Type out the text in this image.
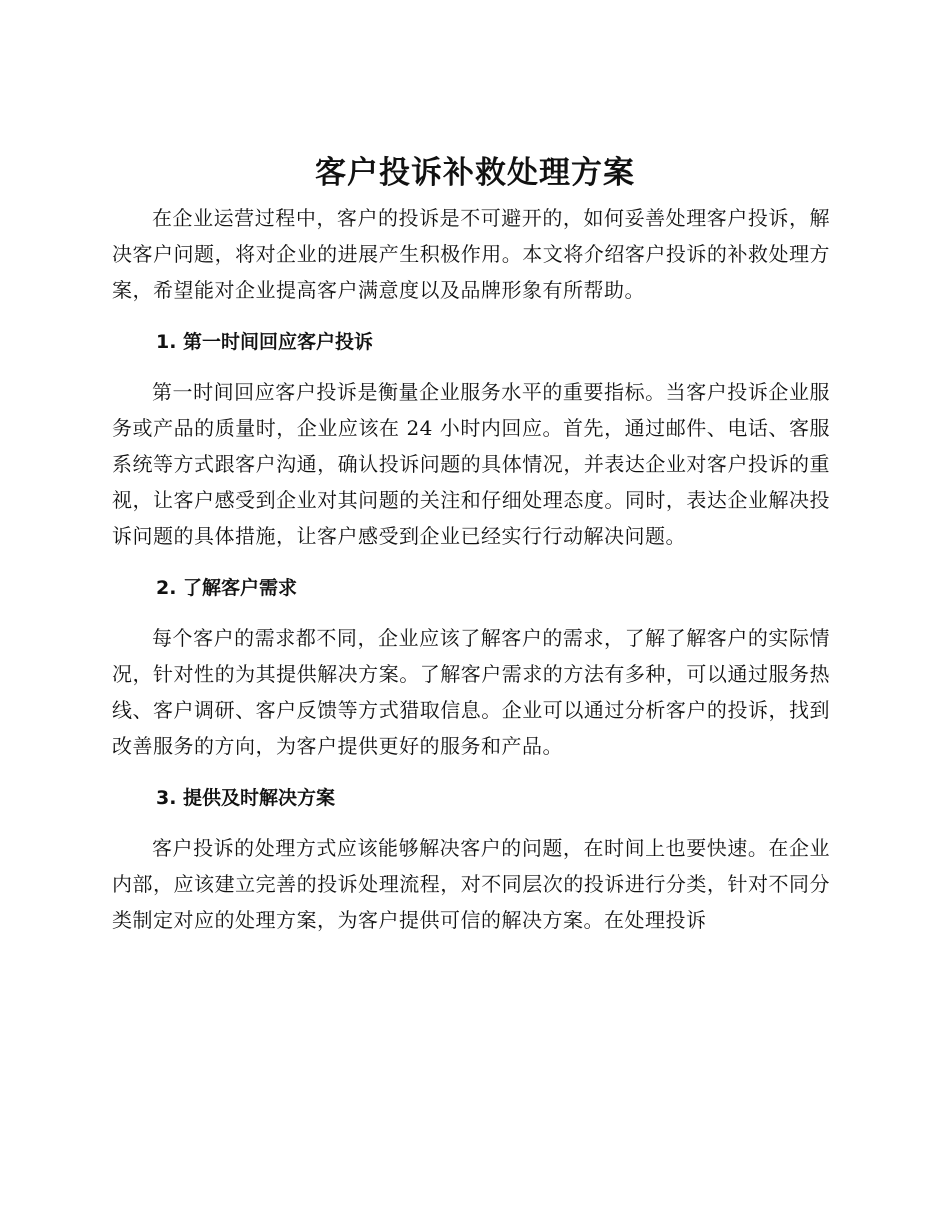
客户投诉补救处理方案

在企业运营过程中，客户的投诉是不可避开的，如何妥善处理客户投诉，解决客户问题，将对企业的进展产生积极作用。本文将介绍客户投诉的补救处理方案，希望能对企业提高客户满意度以及品牌形象有所帮助。

1. 第一时间回应客户投诉

第一时间回应客户投诉是衡量企业服务水平的重要指标。当客户投诉企业服务或产品的质量时，企业应该在 24 小时内回应。首先，通过邮件、电话、客服系统等方式跟客户沟通，确认投诉问题的具体情况，并表达企业对客户投诉的重视，让客户感受到企业对其问题的关注和仔细处理态度。同时，表达企业解决投诉问题的具体措施，让客户感受到企业已经实行行动解决问题。

2. 了解客户需求

每个客户的需求都不同，企业应该了解客户的需求，了解了解客户的实际情况，针对性的为其提供解决方案。了解客户需求的方法有多种，可以通过服务热线、客户调研、客户反馈等方式猎取信息。企业可以通过分析客户的投诉，找到改善服务的方向，为客户提供更好的服务和产品。

3. 提供及时解决方案

客户投诉的处理方式应该能够解决客户的问题，在时间上也要快速。在企业内部，应该建立完善的投诉处理流程，对不同层次的投诉进行分类，针对不同分类制定对应的处理方案，为客户提供可信的解决方案。在处理投诉
